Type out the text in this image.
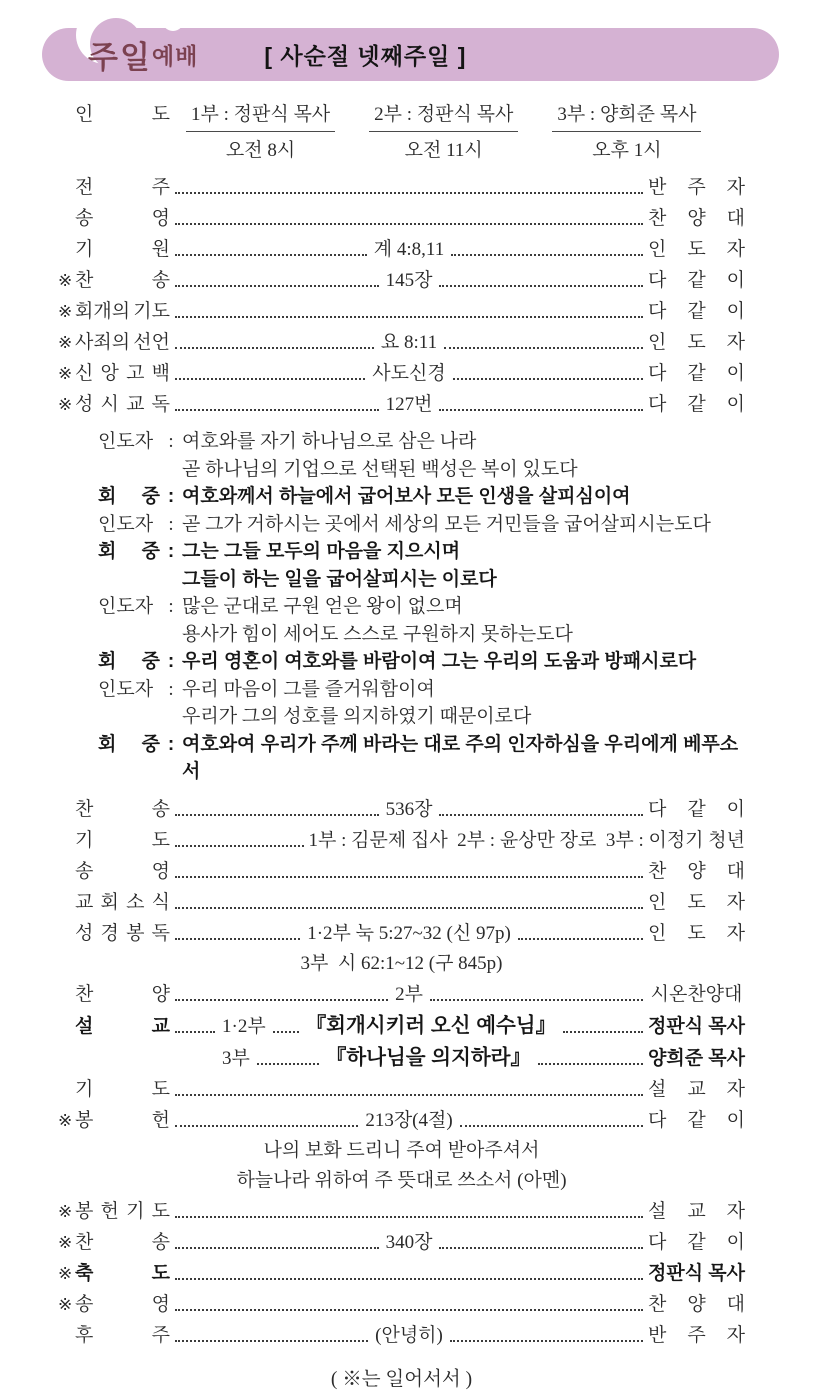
주일예배	[ 사순절 넷째주일 ]
인	도 1부 : 정판식 목사
오전 8시
2부 : 정판식 목사
오전 11시
3부 : 양희준 목사
오후 1시
전	주	반 주 자
송	영	찬 양 대
기	원	계 4:8,11	인 도 자
※ 찬	송	145장	다 같 이
※ 회개의 기도	다 같 이
※ 사죄의 선언	요 8:11	인 도 자
※ 신 앙 고 백	사도신경	다 같 이
※ 성 시 교 독	127번	다 같 이
인도자 : 여호와를 자기 하나님으로 삼은 나라
곧 하나님의 기업으로 선택된 백성은 복이 있도다
회 중 : 여호와께서 하늘에서 굽어보사 모든 인생을 살피심이여
인도자 : 곧 그가 거하시는 곳에서 세상의 모든 거민들을 굽어살피시는도다
회 중 : 그는 그들 모두의 마음을 지으시며
그들이 하는 일을 굽어살피시는 이로다
인도자 : 많은 군대로 구원 얻은 왕이 없으며
용사가 힘이 세어도 스스로 구원하지 못하는도다
회 중 : 우리 영혼이 여호와를 바람이여 그는 우리의 도움과 방패시로다
인도자 : 우리 마음이 그를 즐거워함이여
우리가 그의 성호를 의지하였기 때문이로다
회 중 : 여호와여 우리가 주께 바라는 대로 주의 인자하심을 우리에게 베푸소서
찬	송	536장	다 같 이
기	도	1부 : 김문제 집사  2부 : 윤상만 장로  3부 : 이정기 청년
송	영	찬 양 대
교 회 소 식	인 도 자
성 경 봉 독	1·2부 눅 5:27~32 (신 97p)	인 도 자
3부  시 62:1~12 (구 845p)
찬	양	2부	시온찬양대
설	교	1·2부 『회개시키러 오신 예수님』	정판식 목사
3부	『하나님을 의지하라』	양희준 목사
기	도	설 교 자
※ 봉	헌	213장(4절)	다 같 이
나의 보화 드리니 주여 받아주셔서
하늘나라 위하여 주 뜻대로 쓰소서 (아멘)
※ 봉 헌 기 도	설 교 자
※ 찬	송	340장	다 같 이
※ 축	도	정판식 목사
※ 송	영	찬 양 대
후	주	(안녕히)	반 주 자
( ※는 일어서서 )
